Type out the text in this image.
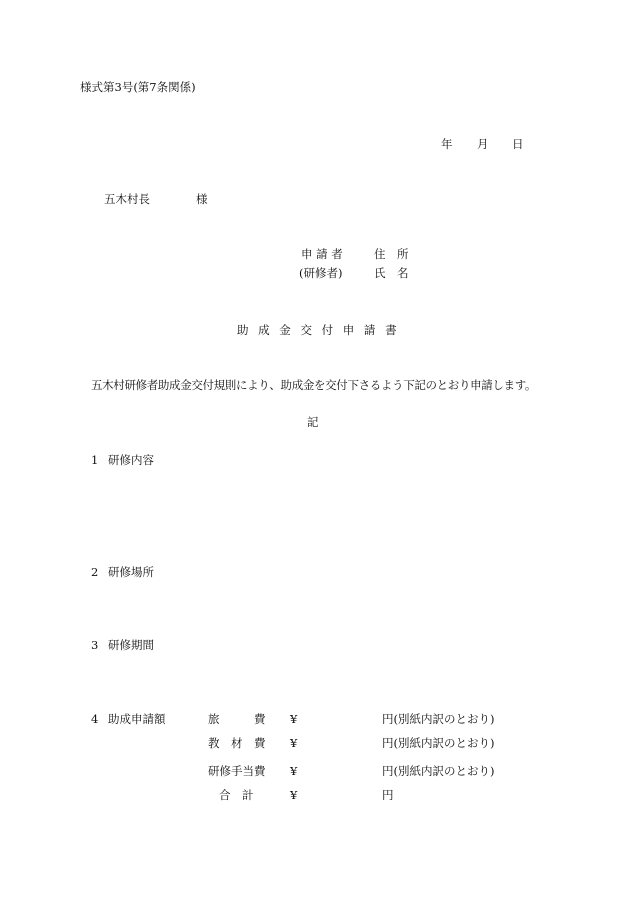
様式第3号(第7条関係)
年 月 日
五木村長	様
申 請 者	住　所
(研修者)	氏　名
助 成 金 交 付 申 請 書
五木村研修者助成金交付規則により、助成金を交付下さるよう下記のとおり申請します。
記
1 研修内容
2 研修場所
3 研修期間
4 助成申請額	旅　　　費 ¥	円(別紙内訳のとおり)
教　材　費 ¥	円(別紙内訳のとおり)
研修手当費 ¥	円(別紙内訳のとおり)
合　計	¥	円
